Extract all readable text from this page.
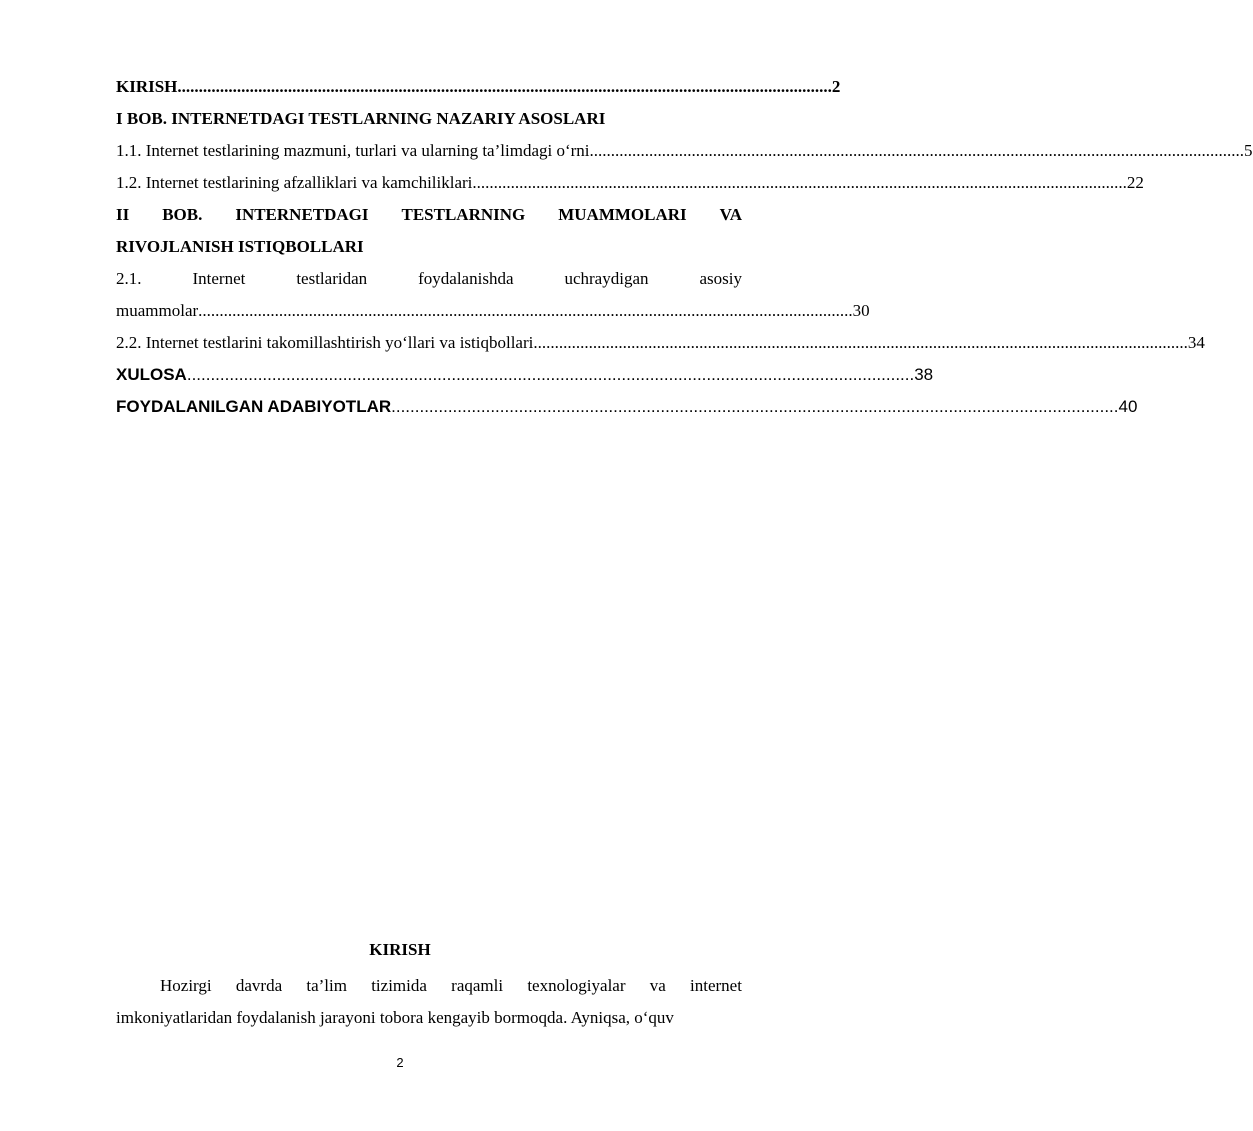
KIRISH .......................................................................................................................................................... 2
I BOB. INTERNETDAGI TESTLARNING NAZARIY ASOSLARI
1.1. Internet testlarining mazmuni, turlari va ularning ta’limdagi o‘rni .......................................................................................................................................................... 5
1.2. Internet testlarining afzalliklari va kamchiliklari .......................................................................................................................................................... 22
II BOB. INTERNETDAGI TESTLARNING MUAMMOLARI VA
RIVOJLANISH ISTIQBOLLARI
2.1.	Internet	testlaridan	foydalanishda	uchraydigan	asosiy
muammolar .......................................................................................................................................................... 30
2.2. Internet testlarini takomillashtirish yo‘llari va istiqbollari .......................................................................................................................................................... 34
XULOSA .......................................................................................................................................................... 38
FOYDALANILGAN ADABIYOTLAR .......................................................................................................................................................... 40
KIRISH
Hozirgi davrda ta’lim tizimida raqamli texnologiyalar va internet
imkoniyatlaridan foydalanish jarayoni tobora kengayib bormoqda. Ayniqsa, o‘quv
2
